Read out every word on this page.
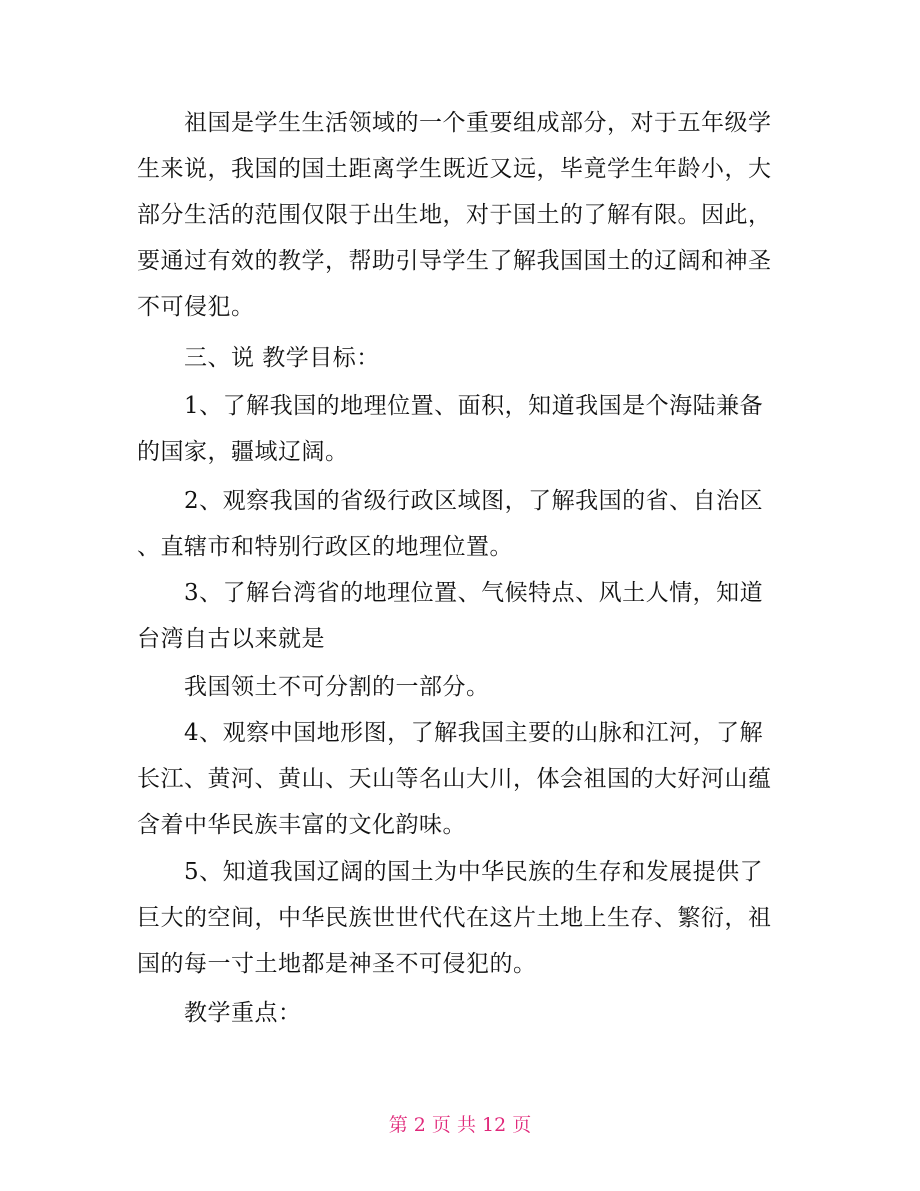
　　祖国是学生生活领域的一个重要组成部分，对于五年级学
生来说，我国的国土距离学生既近又远，毕竟学生年龄小，大
部分生活的范围仅限于出生地，对于国土的了解有限。因此，
要通过有效的教学，帮助引导学生了解我国国土的辽阔和神圣
不可侵犯。
　　三、说 教学目标：
　　1、了解我国的地理位置、面积，知道我国是个海陆兼备
的国家，疆域辽阔。
　　2、观察我国的省级行政区域图，了解我国的省、自治区
、直辖市和特别行政区的地理位置。
　　3、了解台湾省的地理位置、气候特点、风土人情，知道
台湾自古以来就是
　　我国领土不可分割的一部分。
　　4、观察中国地形图，了解我国主要的山脉和江河，了解
长江、黄河、黄山、天山等名山大川，体会祖国的大好河山蕴
含着中华民族丰富的文化韵味。
　　5、知道我国辽阔的国土为中华民族的生存和发展提供了
巨大的空间，中华民族世世代代在这片土地上生存、繁衍，祖
国的每一寸土地都是神圣不可侵犯的。
　　教学重点：
第 2 页 共 12 页
